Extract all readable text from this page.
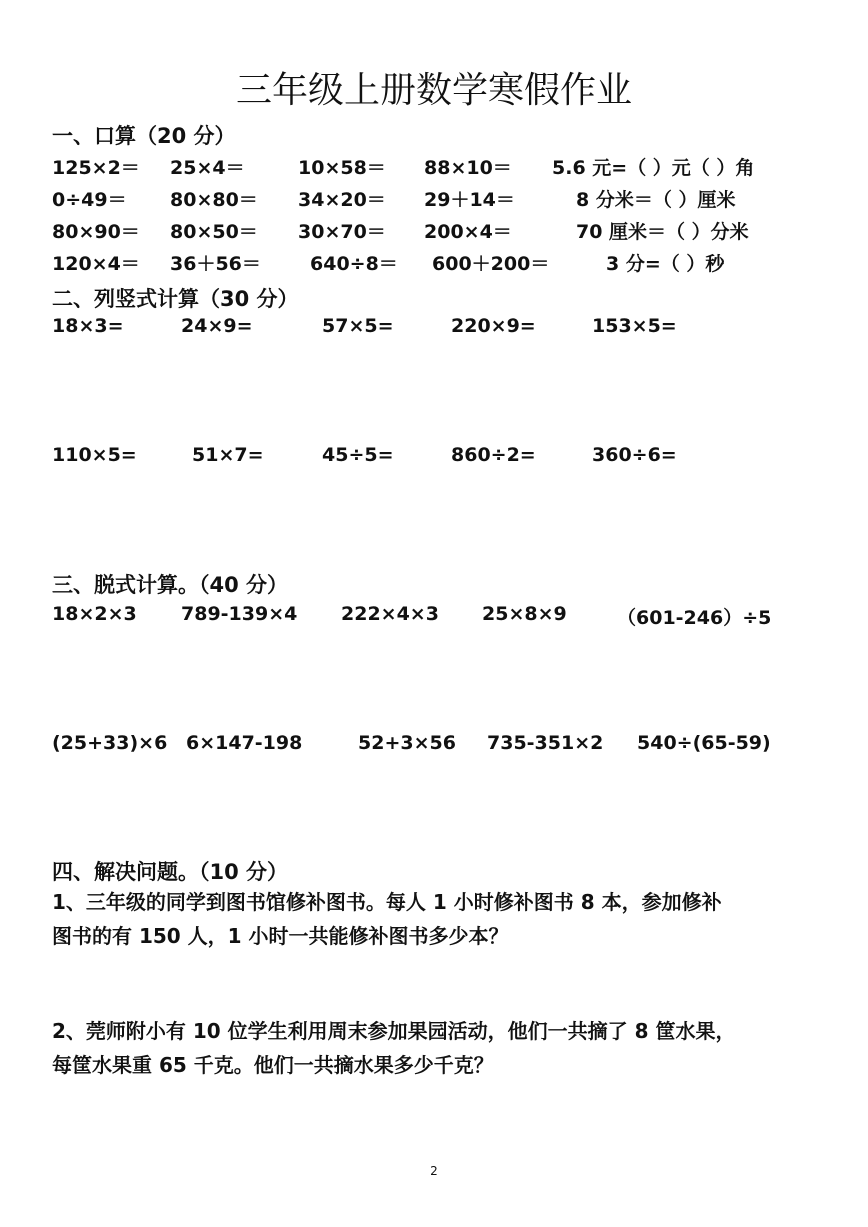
三年级上册数学寒假作业
一、口算（20 分）
125×2＝ 25×4＝	10×58＝ 88×10＝ 5.6 元=（ ）元（ ）角
0÷49＝ 80×80＝ 34×20＝ 29＋14＝	8 分米＝（ ）厘米
80×90＝ 80×50＝ 30×70＝ 200×4＝	70 厘米＝（ ）分米
120×4＝ 36＋56＝	640÷8＝ 600＋200＝	3 分=（ ）秒
二、列竖式计算（30 分）
18×3=	24×9=	57×5=	220×9=	153×5=
110×5=	51×7=	45÷5=	860÷2=	360÷6=
三、脱式计算。（40 分）
18×2×3 789-139×4 222×4×3 25×8×9	（601-246）÷5
(25+33)×6 6×147-198	52+3×56 735-351×2 540÷(65-59)
四、解决问题。（10 分）
1、三年级的同学到图书馆修补图书。每人 1 小时修补图书 8 本，参加修补
图书的有 150 人，1 小时一共能修补图书多少本？
2、莞师附小有 10 位学生利用周末参加果园活动，他们一共摘了 8 筐水果，
每筐水果重 65 千克。他们一共摘水果多少千克？
2
